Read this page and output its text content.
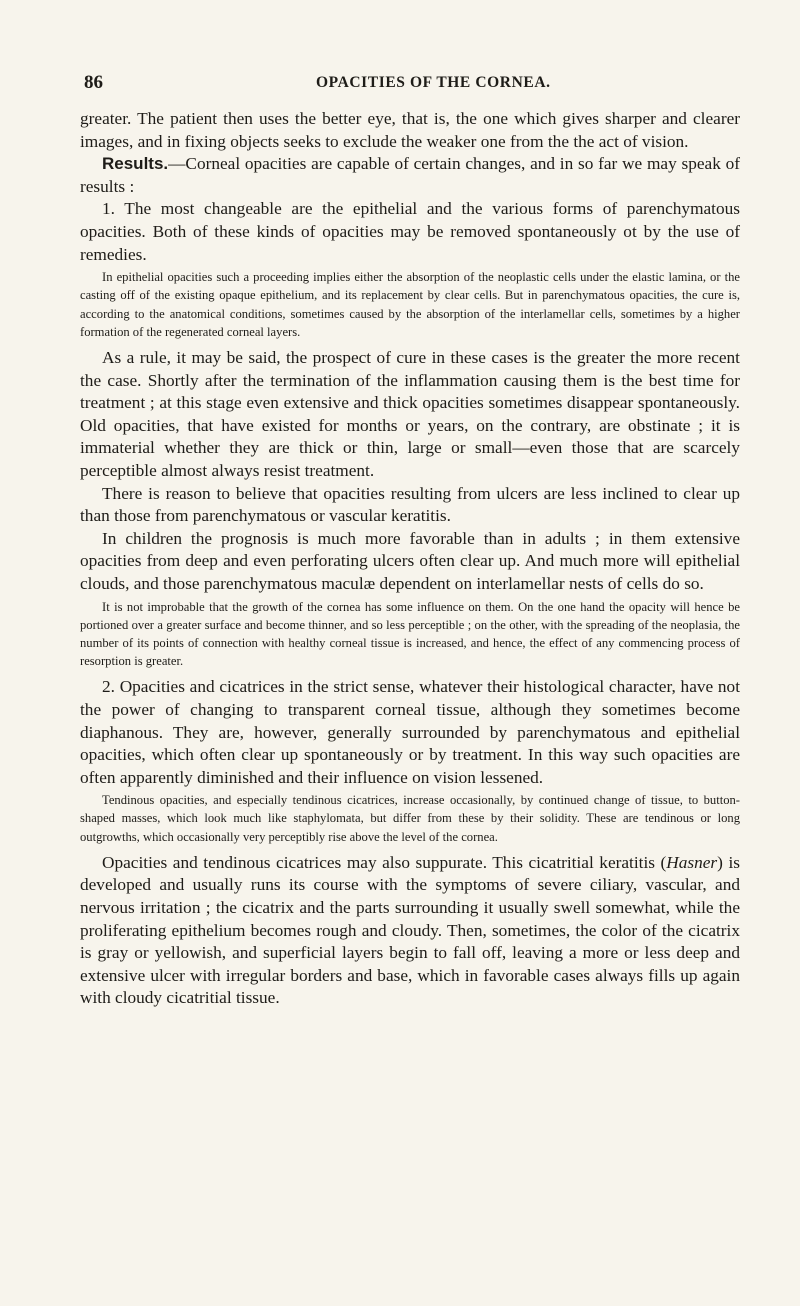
86	OPACITIES OF THE CORNEA.

greater. The patient then uses the better eye, that is, the one which gives sharper and clearer images, and in fixing objects seeks to exclude the weaker one from the the act of vision.

Results.—Corneal opacities are capable of certain changes, and in so far we may speak of results :

1. The most changeable are the epithelial and the various forms of parenchymatous opacities. Both of these kinds of opacities may be removed spontaneously ot by the use of remedies.

In epithelial opacities such a proceeding implies either the absorption of the neoplastic cells under the elastic lamina, or the casting off of the existing opaque epithelium, and its replacement by clear cells. But in parenchymatous opacities, the cure is, according to the anatomical conditions, sometimes caused by the absorption of the interlamellar cells, sometimes by a higher formation of the regenerated corneal layers.

As a rule, it may be said, the prospect of cure in these cases is the greater the more recent the case. Shortly after the termination of the inflammation causing them is the best time for treatment ; at this stage even extensive and thick opacities sometimes disappear spontaneously. Old opacities, that have existed for months or years, on the contrary, are obstinate ; it is immaterial whether they are thick or thin, large or small—even those that are scarcely perceptible almost always resist treatment.

There is reason to believe that opacities resulting from ulcers are less inclined to clear up than those from parenchymatous or vascular keratitis.

In children the prognosis is much more favorable than in adults ; in them extensive opacities from deep and even perforating ulcers often clear up. And much more will epithelial clouds, and those parenchymatous maculæ dependent on interlamellar nests of cells do so.

It is not improbable that the growth of the cornea has some influence on them. On the one hand the opacity will hence be portioned over a greater surface and become thinner, and so less perceptible ; on the other, with the spreading of the neoplasia, the number of its points of connection with healthy corneal tissue is increased, and hence, the effect of any commencing process of resorption is greater.

2. Opacities and cicatrices in the strict sense, whatever their histological character, have not the power of changing to transparent corneal tissue, although they sometimes become diaphanous. They are, however, generally surrounded by parenchymatous and epithelial opacities, which often clear up spontaneously or by treatment. In this way such opacities are often apparently diminished and their influence on vision lessened.

Tendinous opacities, and especially tendinous cicatrices, increase occasionally, by continued change of tissue, to button-shaped masses, which look much like staphylomata, but differ from these by their solidity. These are tendinous or long outgrowths, which occasionally very perceptibly rise above the level of the cornea.

Opacities and tendinous cicatrices may also suppurate. This cicatritial keratitis (Hasner) is developed and usually runs its course with the symptoms of severe ciliary, vascular, and nervous irritation ; the cicatrix and the parts surrounding it usually swell somewhat, while the proliferating epithelium becomes rough and cloudy. Then, sometimes, the color of the cicatrix is gray or yellowish, and superficial layers begin to fall off, leaving a more or less deep and extensive ulcer with irregular borders and base, which in favorable cases always fills up again with cloudy cicatritial tissue.
